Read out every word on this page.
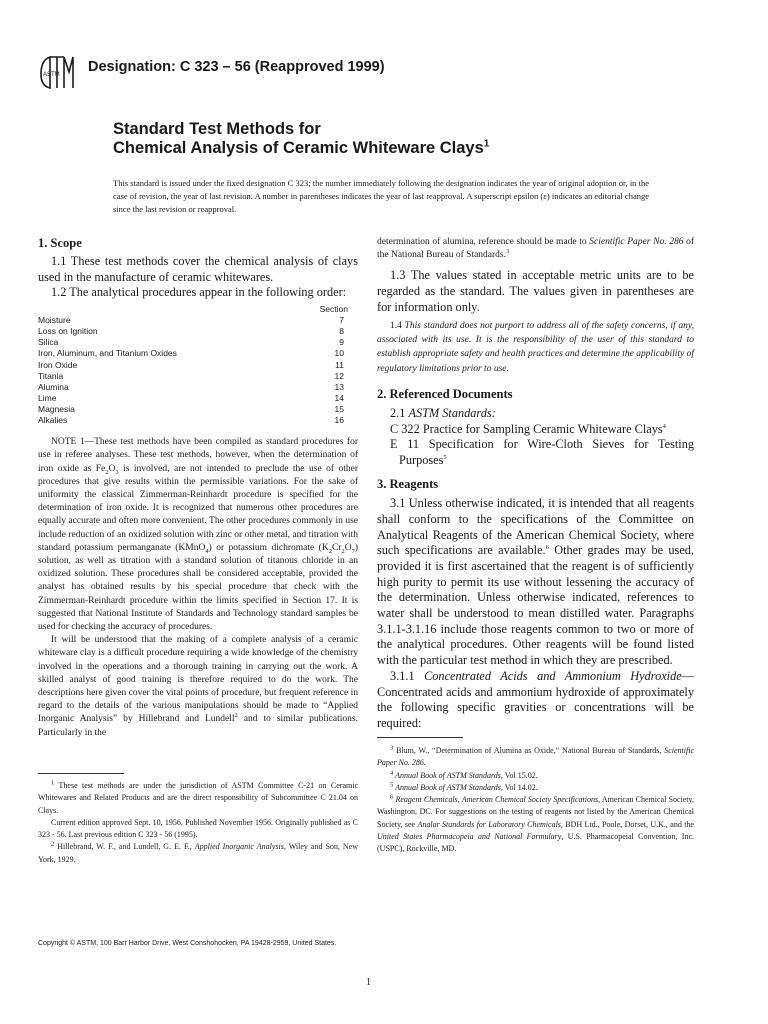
ASTM Designation: C 323 – 56 (Reapproved 1999)
Standard Test Methods for
Chemical Analysis of Ceramic Whiteware Clays$^1$
This standard is issued under the fixed designation C 323; the number immediately following the designation indicates the year of original adoption or, in the case of revision, the year of last revision. A number in parentheses indicates the year of last reapproval. A superscript epsilon (ε) indicates an editorial change since the last revision or reapproval.
1. Scope

1.1 These test methods cover the chemical analysis of clays used in the manufacture of ceramic whitewares.

1.2 The analytical procedures appear in the following order:

Section
Moisture	7
Loss on Ignition	8
Silica	9
Iron, Aluminum, and Titanium Oxides	10
Iron Oxide	11
Titania	12
Alumina	13
Lime	14
Magnesia	15
Alkalies	16

NOTE 1—These test methods have been compiled as standard procedures for use in referee analyses. These test methods, however, when the determination of iron oxide as $Fe_2O_3$ is involved, are not intended to preclude the use of other procedures that give results within the permissible variations. For the sake of uniformity the classical Zimmerman-Reinhardt procedure is specified for the determination of iron oxide. It is recognized that numerous other procedures are equally accurate and often more convenient. The other procedures commonly in use include reduction of an oxidized solution with zinc or other metal, and titration with standard potassium permanganate (KMnO$_4$) or potassium dichromate $(K_2Cr_2O_7)$ solution, as well as titration with a standard solution of titanous chloride in an oxidized solution. These procedures shall be considered acceptable, provided the analyst has obtained results by his special procedure that check with the Zimmerman-Reinhardt procedure within the limits specified in Section 17. It is suggested that National Institute of Standards and Technology standard samples be used for checking the accuracy of procedures.

It will be understood that the making of a complete analysis of a ceramic whiteware clay is a difficult procedure requiring a wide knowledge of the chemistry involved in the operations and a thorough training in carrying out the work. A skilled analyst of good training is therefore required to do the work. The descriptions here given cover the vital points of procedure, but frequent reference in regard to the details of the various manipulations should be made to “Applied Inorganic Analysis” by Hillebrand and Lundell$^2$ and to similar publications. Particularly in the

$^1$ These test methods are under the jurisdiction of ASTM Committee C-21 on Ceramic Whitewares and Related Products and are the direct responsibility of Subcommittee C 21.04 on Clays.

Current edition approved Sept. 10, 1956. Published November 1956. Originally published as C 323 - 56. Last previous edition C 323 - 56 (1995).

$^2$ Hillebrand, W. F., and Lundell, G. E. F., Applied Inorganic Analysis, Wiley and Son, New York, 1929.

determination of alumina, reference should be made to Scientific Paper No. 286 of the National Bureau of Standards.$^3$

1.3 The values stated in acceptable metric units are to be regarded as the standard. The values given in parentheses are for information only.

1.4 This standard does not purport to address all of the safety concerns, if any, associated with its use. It is the responsibility of the user of this standard to establish appropriate safety and health practices and determine the applicability of regulatory limitations prior to use.

2. Referenced Documents
2.1 ASTM Standards:
C 322 Practice for Sampling Ceramic Whiteware Clays$^4$
E 11 Specification for Wire-Cloth Sieves for Testing Purposes$^5$
3. Reagents

3.1 Unless otherwise indicated, it is intended that all reagents shall conform to the specifications of the Committee on Analytical Reagents of the American Chemical Society, where such specifications are available.$^6$ Other grades may be used, provided it is first ascertained that the reagent is of sufficiently high purity to permit its use without lessening the accuracy of the determination. Unless otherwise indicated, references to water shall be understood to mean distilled water. Paragraphs 3.1.1-3.1.16 include those reagents common to two or more of the analytical procedures. Other reagents will be found listed with the particular test method in which they are prescribed.

3.1.1 Concentrated Acids and Ammonium Hydroxide—Concentrated acids and ammonium hydroxide of approximately the following specific gravities or concentrations will be required:

$^3$ Blum, W., “Determination of Alumina as Oxide,” National Bureau of Standards, Scientific Paper No. 286.

$^4$ Annual Book of ASTM Standards, Vol 15.02.

$^5$ Annual Book of ASTM Standards, Vol 14.02.

$^6$ Reagent Chemicals, American Chemical Society Specifications, American Chemical Society, Washington, DC. For suggestions on the testing of reagents not listed by the American Chemical Society, see Analar Standards for Laboratory Chemicals, BDH Ltd., Poole, Dorset, U.K., and the United States Pharmacopeia and National Formulary, U.S. Pharmacopeial Convention, Inc. (USPC), Rockville, MD.

Copyright © ASTM, 100 Barr Harbor Drive, West Conshohocken, PA 19428-2959, United States.
1
